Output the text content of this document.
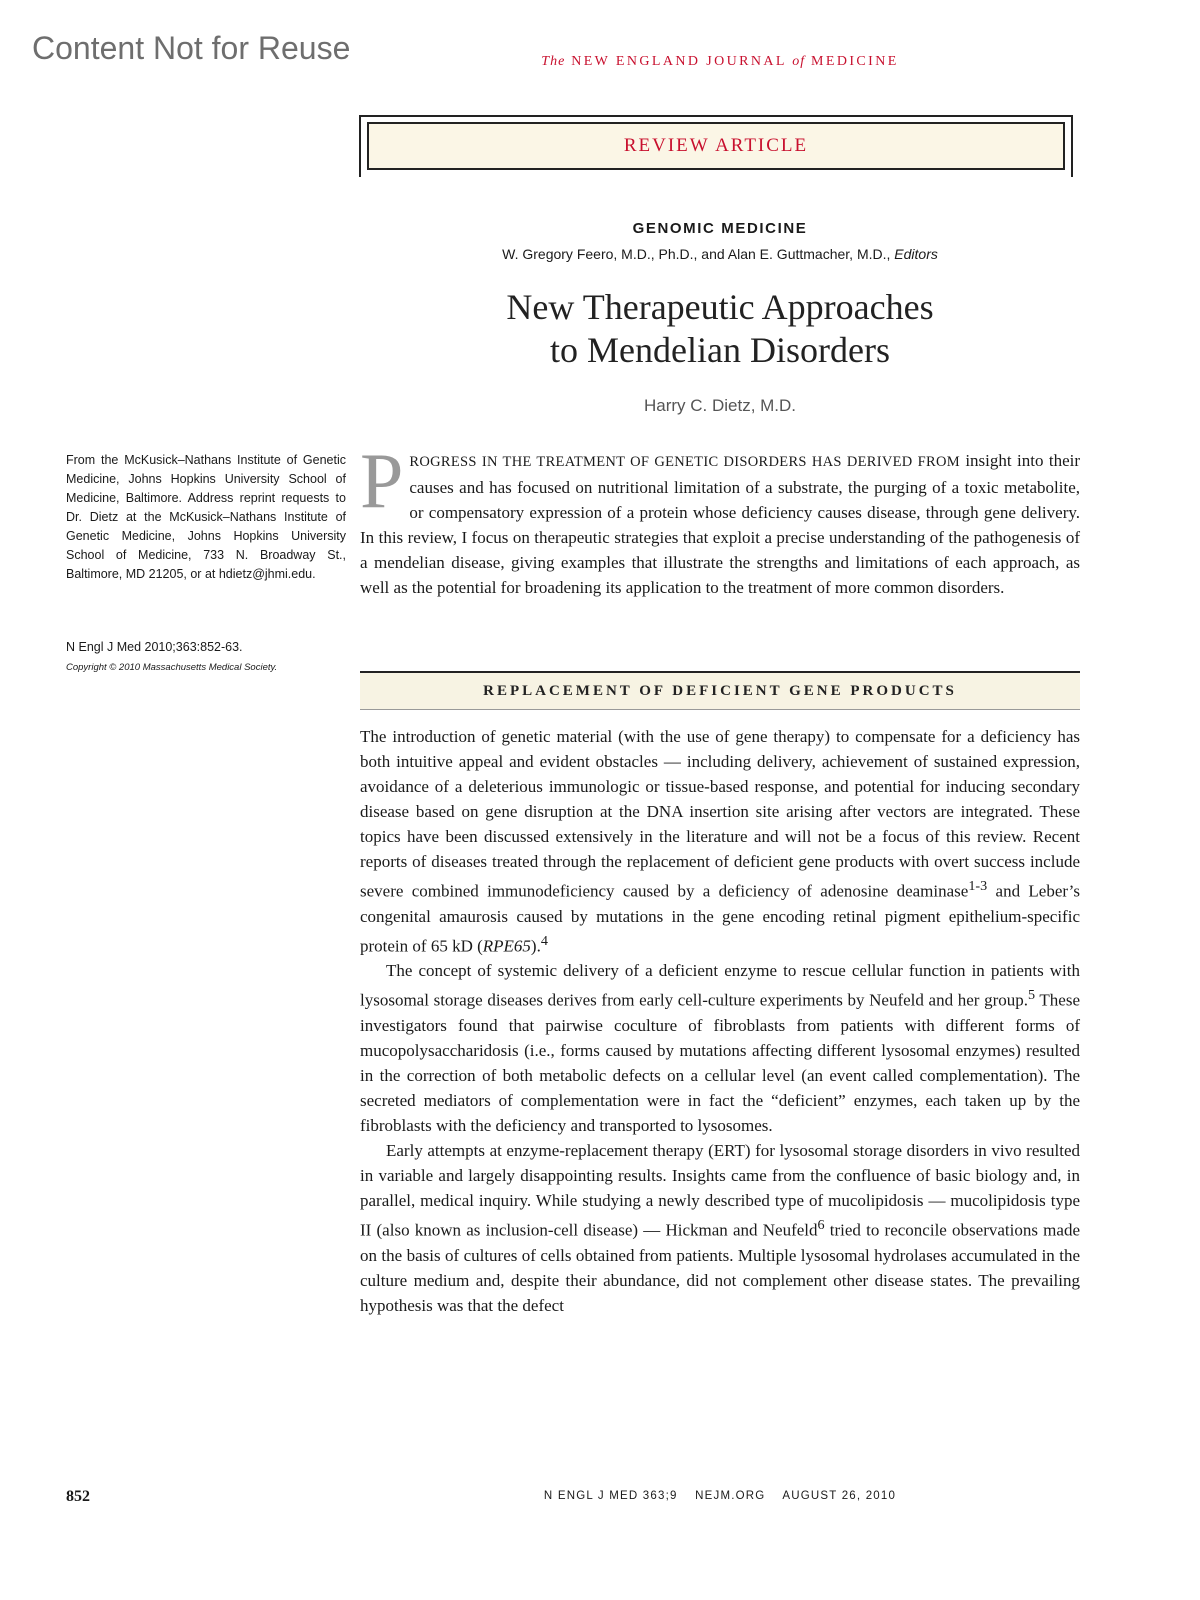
Content Not for Reuse	The NEW ENGLAND JOURNAL of MEDICINE
REVIEW ARTICLE
GENOMIC MEDICINE
W. Gregory Feero, M.D., Ph.D., and Alan E. Guttmacher, M.D., Editors
New Therapeutic Approaches
to Mendelian Disorders
Harry C. Dietz, M.D.
From the McKusick–Nathans Institute of Genetic Medicine, Johns Hopkins University School of Medicine, Baltimore. Address reprint requests to Dr. Dietz at the McKusick–Nathans Institute of Genetic Medicine, Johns Hopkins University School of Medicine, 733 N. Broadway St., Baltimore, MD 21205, or at hdietz@jhmi.edu.
N Engl J Med 2010;363:852-63.
Copyright © 2010 Massachusetts Medical Society.
PROGRESS IN THE TREATMENT OF GENETIC DISORDERS HAS DERIVED FROM insight into their causes and has focused on nutritional limitation of a substrate, the purging of a toxic metabolite, or compensatory expression of a protein whose deficiency causes disease, through gene delivery. In this review, I focus on therapeutic strategies that exploit a precise understanding of the pathogenesis of a mendelian disease, giving examples that illustrate the strengths and limitations of each approach, as well as the potential for broadening its application to the treatment of more common disorders.
REPLACEMENT OF DEFICIENT GENE PRODUCTS

The introduction of genetic material (with the use of gene therapy) to compensate for a deficiency has both intuitive appeal and evident obstacles — including delivery, achievement of sustained expression, avoidance of a deleterious immunologic or tissue-based response, and potential for inducing secondary disease based on gene disruption at the DNA insertion site arising after vectors are integrated. These topics have been discussed extensively in the literature and will not be a focus of this review. Recent reports of diseases treated through the replacement of deficient gene products with overt success include severe combined immunodeficiency caused by a deficiency of adenosine deaminase$^{1-3}$ and Leber’s congenital amaurosis caused by mutations in the gene encoding retinal pigment epithelium-specific protein of 65 kD (RPE65).$^4$

The concept of systemic delivery of a deficient enzyme to rescue cellular function in patients with lysosomal storage diseases derives from early cell-culture experiments by Neufeld and her group.$^5$ These investigators found that pairwise coculture of fibroblasts from patients with different forms of mucopolysaccharidosis (i.e., forms caused by mutations affecting different lysosomal enzymes) resulted in the correction of both metabolic defects on a cellular level (an event called complementation). The secreted mediators of complementation were in fact the “deficient” enzymes, each taken up by the fibroblasts with the deficiency and transported to lysosomes.

Early attempts at enzyme-replacement therapy (ERT) for lysosomal storage disorders in vivo resulted in variable and largely disappointing results. Insights came from the confluence of basic biology and, in parallel, medical inquiry. While studying a newly described type of mucolipidosis — mucolipidosis type II (also known as inclusion-cell disease) — Hickman and Neufeld$^6$ tried to reconcile observations made on the basis of cultures of cells obtained from patients. Multiple lysosomal hydrolases accumulated in the culture medium and, despite their abundance, did not complement other disease states. The prevailing hypothesis was that the defect

852	N ENGL J MED 363;9    NEJM.ORG    AUGUST 26, 2010
